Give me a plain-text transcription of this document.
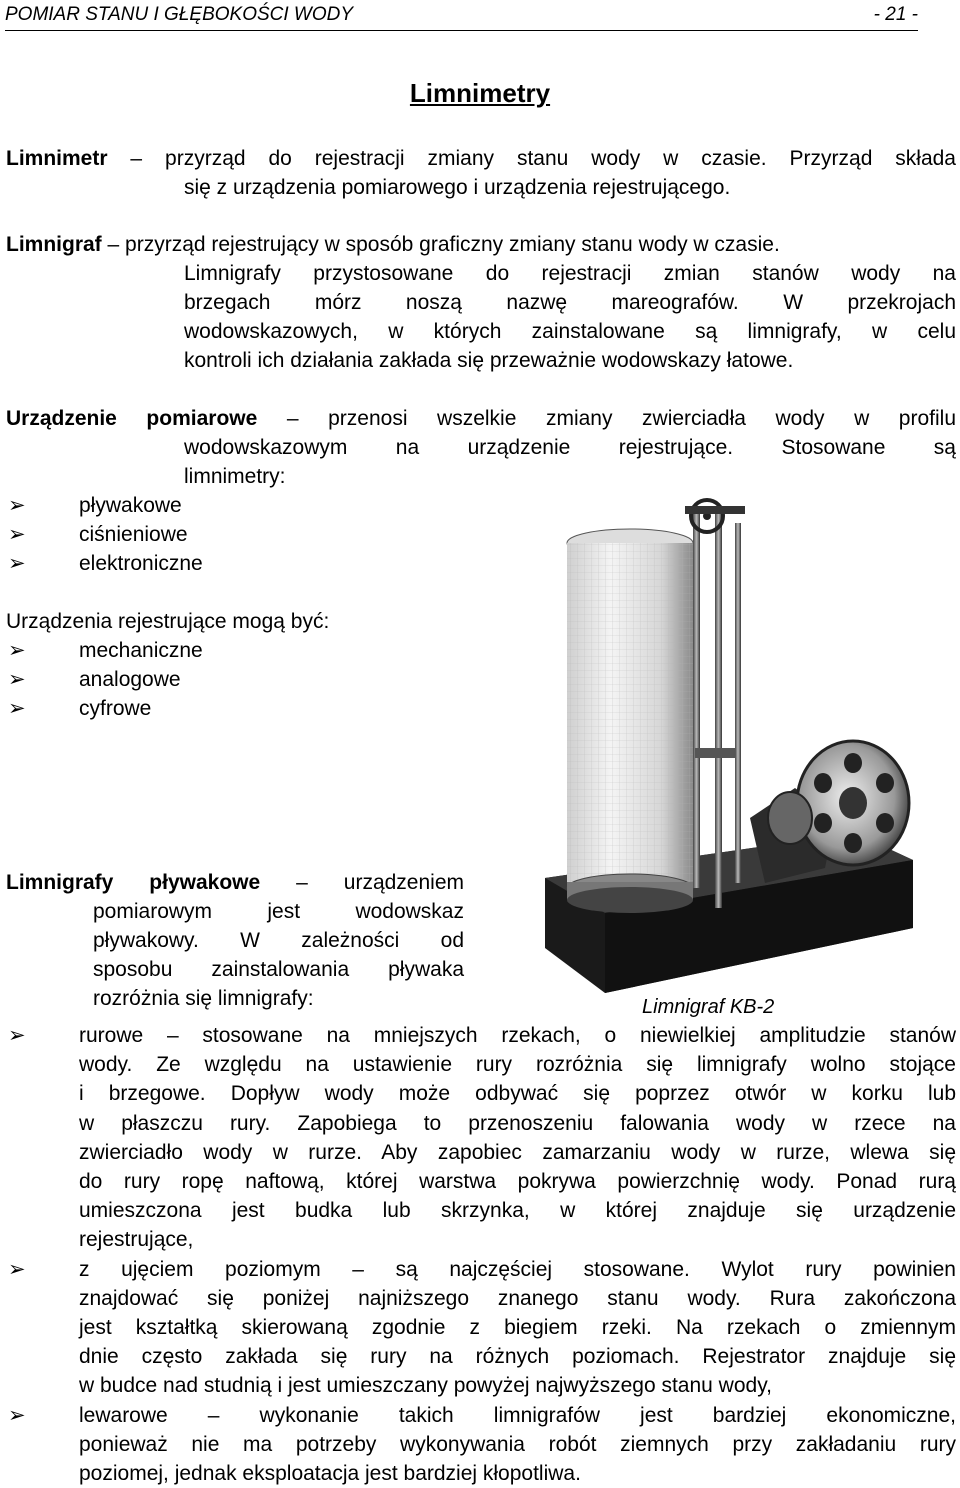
POMIAR STANU I GŁĘBOKOŚCI WODY	- 21 -
Limnimetry
Limnimetr – przyrząd do rejestracji zmiany stanu wody w czasie. Przyrząd składa
się z urządzenia pomiarowego i urządzenia rejestrującego.
Limnigraf – przyrząd rejestrujący w sposób graficzny zmiany stanu wody w czasie.
Limnigrafy przystosowane do rejestracji zmian stanów wody na
brzegach mórz noszą nazwę mareografów. W przekrojach
wodowskazowych, w których zainstalowane są limnigrafy, w celu
kontroli ich działania zakłada się przeważnie wodowskazy łatowe.
Urządzenie pomiarowe – przenosi wszelkie zmiany zwierciadła wody w profilu
wodowskazowym na urządzenie rejestrujące. Stosowane są
limnimetry:
➢	pływakowe
➢	ciśnieniowe
➢	elektroniczne
Urządzenia rejestrujące mogą być:
➢	mechaniczne
➢	analogowe
➢	cyfrowe
Limnigrafy pływakowe – urządzeniem
pomiarowym jest wodowskaz
pływakowy. W zależności od
sposobu zainstalowania pływaka
rozróżnia się limnigrafy:	Limnigraf KB-2
➢	rurowe – stosowane na mniejszych rzekach, o niewielkiej amplitudzie stanów
wody. Ze względu na ustawienie rury rozróżnia się limnigrafy wolno stojące
i brzegowe. Dopływ wody może odbywać się poprzez otwór w korku lub
w płaszczu rury. Zapobiega to przenoszeniu falowania wody w rzece na
zwierciadło wody w rurze. Aby zapobiec zamarzaniu wody w rurze, wlewa się
do rury ropę naftową, której warstwa pokrywa powierzchnię wody. Ponad rurą
umieszczona jest budka lub skrzynka, w której znajduje się urządzenie
rejestrujące,
➢	z ujęciem poziomym – są najczęściej stosowane. Wylot rury powinien
znajdować się poniżej najniższego znanego stanu wody. Rura zakończona
jest kształtką skierowaną zgodnie z biegiem rzeki. Na rzekach o zmiennym
dnie często zakłada się rury na różnych poziomach. Rejestrator znajduje się
w budce nad studnią i jest umieszczany powyżej najwyższego stanu wody,
➢	lewarowe – wykonanie takich limnigrafów jest bardziej ekonomiczne,
ponieważ nie ma potrzeby wykonywania robót ziemnych przy zakładaniu rury
poziomej, jednak eksploatacja jest bardziej kłopotliwa.
